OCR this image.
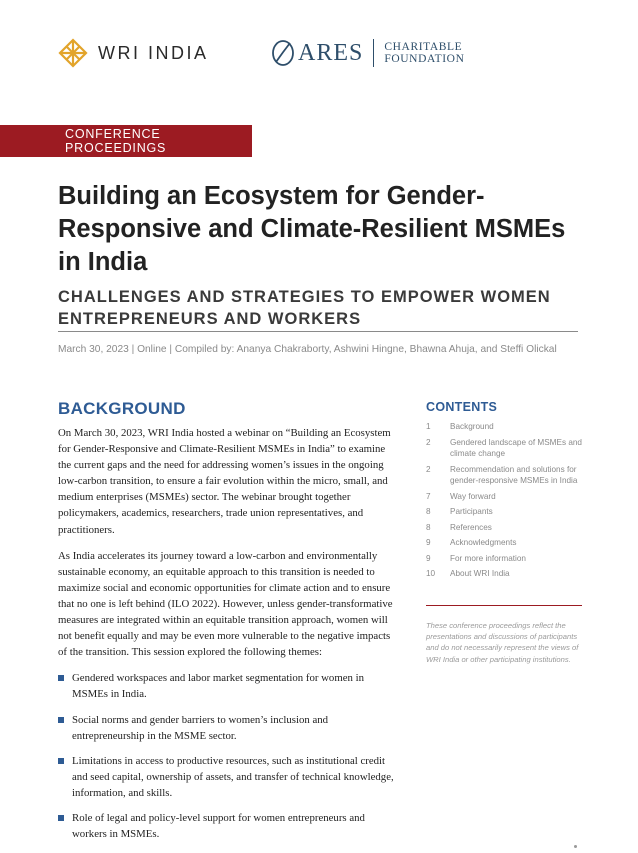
WRI INDIA	ARES CHARITABLE
FOUNDATION
CONFERENCE PROCEEDINGS
Building an Ecosystem for Gender-Responsive and Climate-Resilient MSMEs in India
CHALLENGES AND STRATEGIES TO EMPOWER WOMEN ENTREPRENEURS AND WORKERS
March 30, 2023 | Online | Compiled by: Ananya Chakraborty, Ashwini Hingne, Bhawna Ahuja, and Steffi Olickal
BACKGROUND

On March 30, 2023, WRI India hosted a webinar on “Building an Ecosystem for Gender-Responsive and Climate-Resilient MSMEs in India” to examine the current gaps and the need for addressing women’s issues in the ongoing low-carbon transition, to ensure a fair evolution within the micro, small, and medium enterprises (MSMEs) sector. The webinar brought together policymakers, academics, researchers, trade union representatives, and practitioners.

As India accelerates its journey toward a low-carbon and environmentally sustainable economy, an equitable approach to this transition is needed to maximize social and economic opportunities for climate action and to ensure that no one is left behind (ILO 2022). However, unless gender-transformative measures are integrated within an equitable transition approach, women will not benefit equally and may be even more vulnerable to the negative impacts of the transition. This session explored the following themes:

Gendered workspaces and labor market segmentation for women in MSMEs in India.
Social norms and gender barriers to women’s inclusion and entrepreneurship in the MSME sector.
Limitations in access to productive resources, such as institutional credit and seed capital, ownership of assets, and transfer of technical knowledge, information, and skills.
Role of legal and policy-level support for women entrepreneurs and workers in MSMEs.
CONTENTS
1	Background
2	Gendered landscape of MSMEs and climate change
2	Recommendation and solutions for gender-responsive MSMEs in India
7	Way forward
8	Participants
8	References
9	Acknowledgments
9	For more information
10	About WRI India

These conference proceedings reflect the presentations and discussions of participants and do not necessarily represent the views of WRI India or other participating institutions.
